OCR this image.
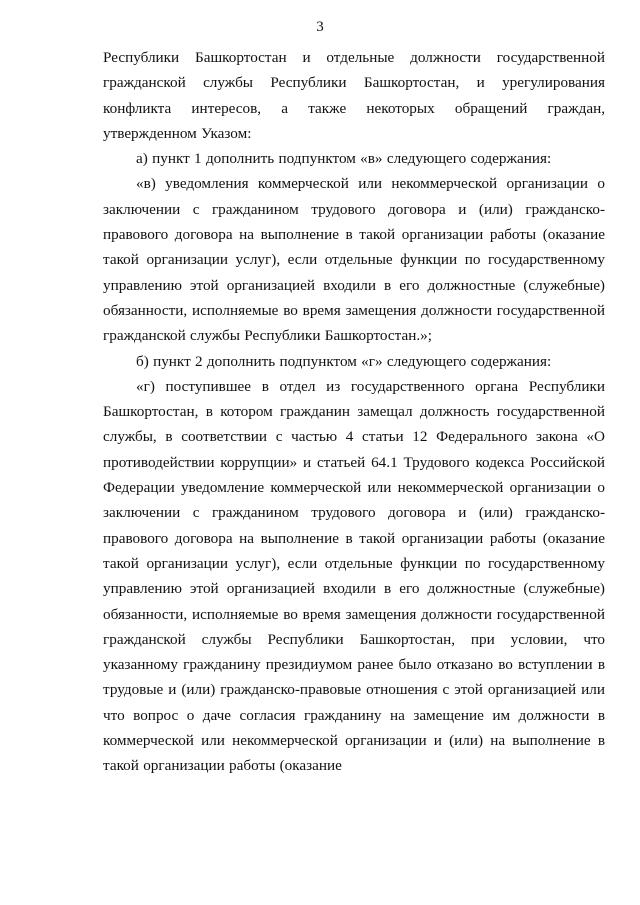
3

Республики Башкортостан и отдельные должности государственной гражданской службы Республики Башкортостан, и урегулирования конфликта интересов, а также некоторых обращений граждан, утвержденном Указом:

а) пункт 1 дополнить подпунктом «в» следующего содержания:

«в) уведомления коммерческой или некоммерческой организации о заключении с гражданином трудового договора и (или) гражданско-правового договора на выполнение в такой организации работы (оказание такой организации услуг), если отдельные функции по государственному управлению этой организацией входили в его должностные (служебные) обязанности, исполняемые во время замещения должности государственной гражданской службы Республики Башкортостан.»;

б) пункт 2 дополнить подпунктом «г» следующего содержания:

«г) поступившее в отдел из государственного органа Республики Башкортостан, в котором гражданин замещал должность государственной службы, в соответствии с частью 4 статьи 12 Федерального закона «О противодействии коррупции» и статьей 64.1 Трудового кодекса Российской Федерации уведомление коммерческой или некоммерческой организации о заключении с гражданином трудового договора и (или) гражданско-правового договора на выполнение в такой организации работы (оказание такой организации услуг), если отдельные функции по государственному управлению этой организацией входили в его должностные (служебные) обязанности, исполняемые во время замещения должности государственной гражданской службы Республики Башкортостан, при условии, что указанному гражданину президиумом ранее было отказано во вступлении в трудовые и (или) гражданско-правовые отношения с этой организацией или что вопрос о даче согласия гражданину на замещение им должности в коммерческой или некоммерческой организации и (или) на выполнение в такой организации работы (оказание
